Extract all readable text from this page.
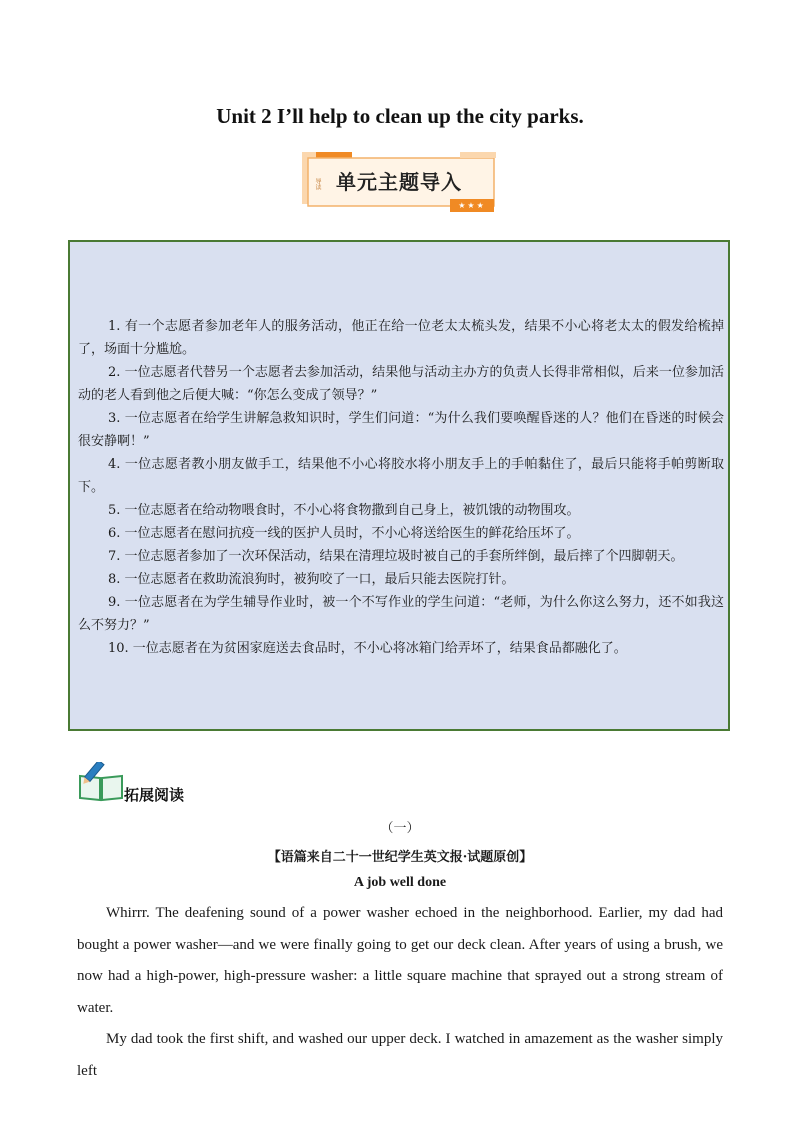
Unit 2 I’ll help to clean up the city parks.
导读 单元主题导入
★★★

1. 有一个志愿者参加老年人的服务活动，他正在给一位老太太梳头发，结果不小心将老太太的假发给梳掉了，场面十分尴尬。

2. 一位志愿者代替另一个志愿者去参加活动，结果他与活动主办方的负责人长得非常相似，后来一位参加活动的老人看到他之后便大喊：“你怎么变成了领导？”

3. 一位志愿者在给学生讲解急救知识时，学生们问道：“为什么我们要唤醒昏迷的人？他们在昏迷的时候会很安静啊！”

4. 一位志愿者教小朋友做手工，结果他不小心将胶水将小朋友手上的手帕黏住了，最后只能将手帕剪断取下。

5. 一位志愿者在给动物喂食时，不小心将食物撒到自己身上，被饥饿的动物围攻。

6. 一位志愿者在慰问抗疫一线的医护人员时，不小心将送给医生的鲜花给压坏了。

7. 一位志愿者参加了一次环保活动，结果在清理垃圾时被自己的手套所绊倒，最后摔了个四脚朝天。

8. 一位志愿者在救助流浪狗时，被狗咬了一口，最后只能去医院打针。

9. 一位志愿者在为学生辅导作业时，被一个不写作业的学生问道：“老师，为什么你这么努力，还不如我这么不努力？”

10. 一位志愿者在为贫困家庭送去食品时，不小心将冰箱门给弄坏了，结果食品都融化了。

拓展阅读
（一）
【语篇来自二十一世纪学生英文报·试题原创】
A job well done

Whirrr. The deafening sound of a power washer echoed in the neighborhood. Earlier, my dad had bought a power washer—and we were finally going to get our deck clean. After years of using a brush, we now had a high-power, high-pressure washer: a little square machine that sprayed out a strong stream of water.

My dad took the first shift, and washed our upper deck. I watched in amazement as the washer simply left
